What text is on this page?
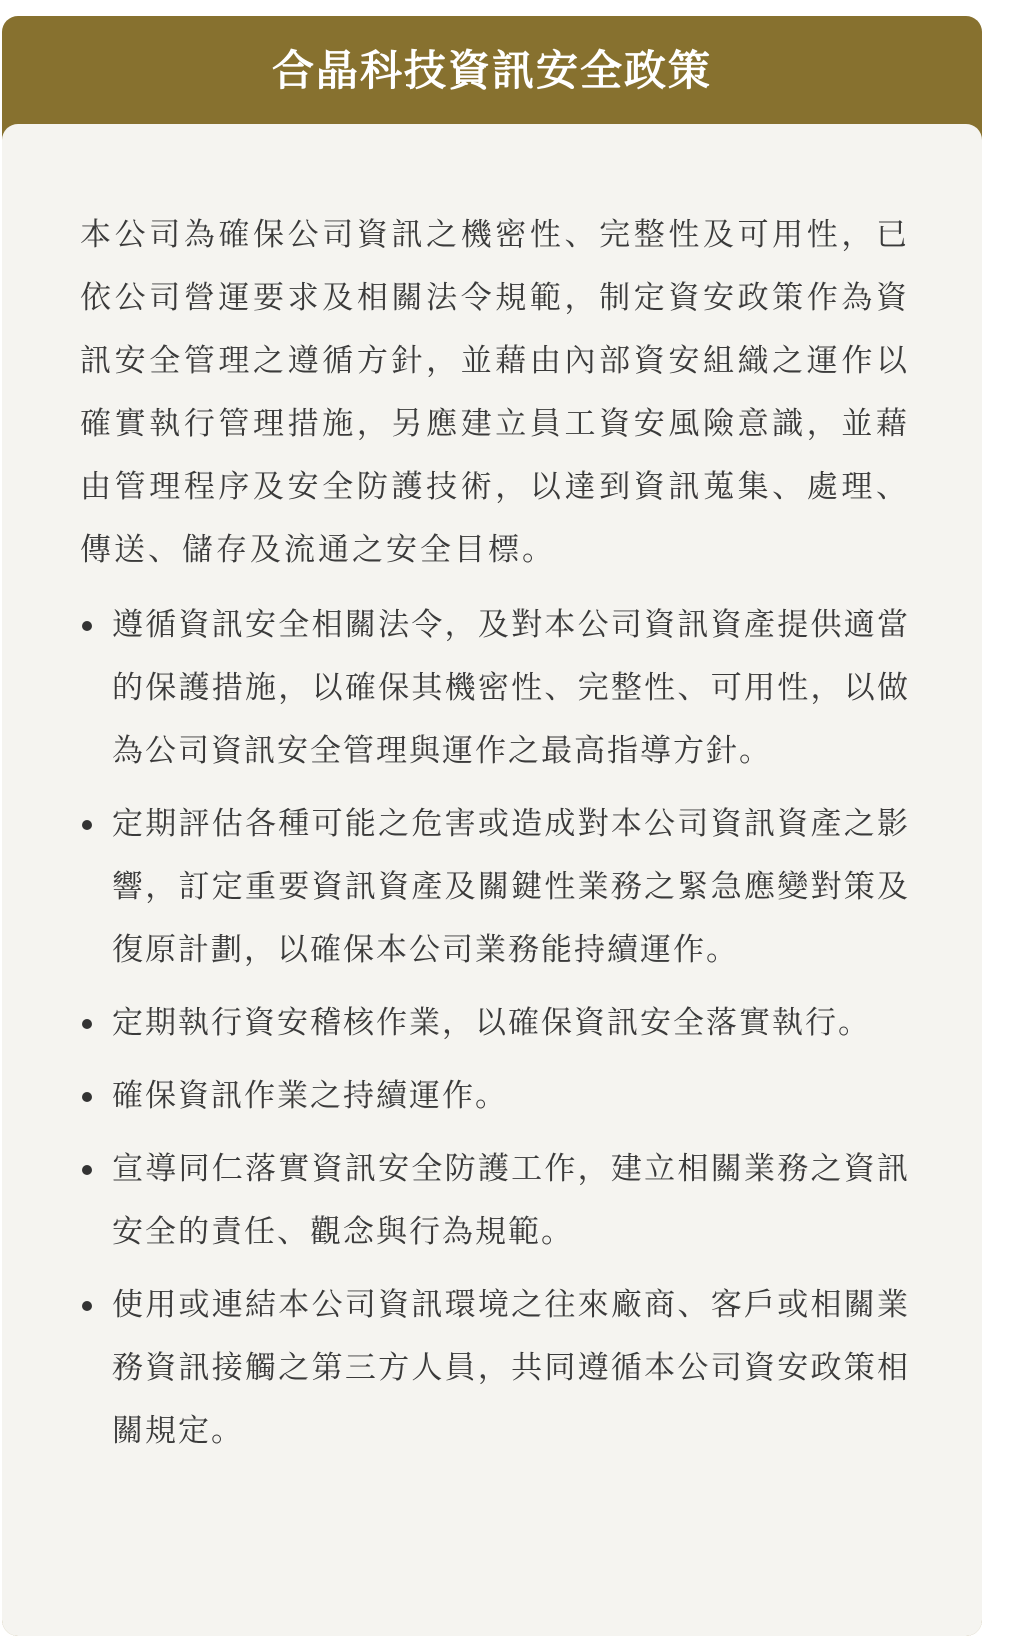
合晶科技資訊安全政策

本公司為確保公司資訊之機密性、完整性及可用性，已依公司營運要求及相關法令規範，制定資安政策作為資訊安全管理之遵循方針，並藉由內部資安組織之運作以確實執行管理措施，另應建立員工資安風險意識，並藉由管理程序及安全防護技術，以達到資訊蒐集、處理、傳送、儲存及流通之安全目標。

遵循資訊安全相關法令，及對本公司資訊資產提供適當的保護措施，以確保其機密性、完整性、可用性，以做為公司資訊安全管理與運作之最高指導方針。
定期評估各種可能之危害或造成對本公司資訊資產之影響，訂定重要資訊資產及關鍵性業務之緊急應變對策及復原計劃，以確保本公司業務能持續運作。
定期執行資安稽核作業，以確保資訊安全落實執行。
確保資訊作業之持續運作。
宣導同仁落實資訊安全防護工作，建立相關業務之資訊安全的責任、觀念與行為規範。
使用或連結本公司資訊環境之往來廠商、客戶或相關業務資訊接觸之第三方人員，共同遵循本公司資安政策相關規定。
